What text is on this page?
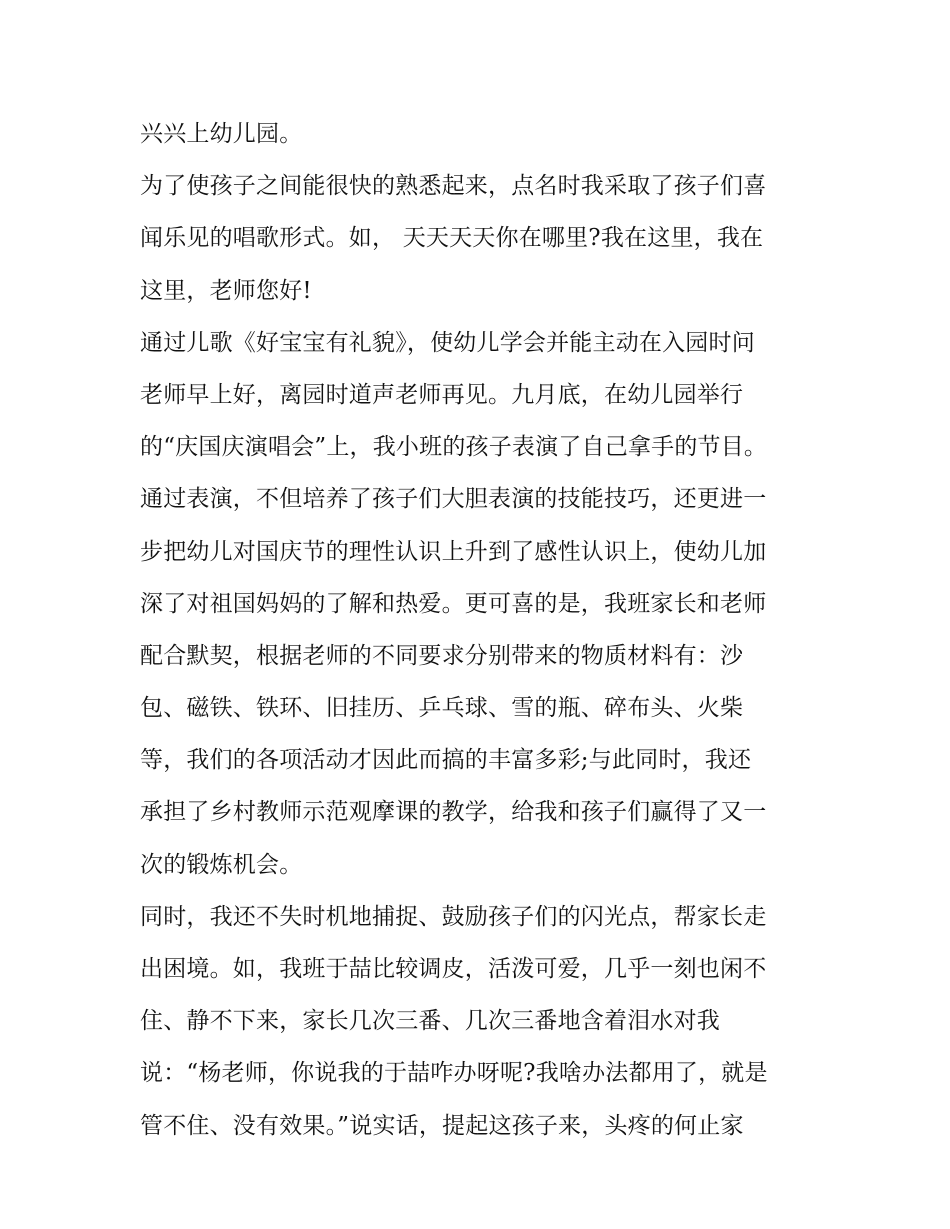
兴兴上幼儿园。
为了使孩子之间能很快的熟悉起来，点名时我采取了孩子们喜
闻乐见的唱歌形式。如， 天天天天你在哪里?我在这里，我在
这里，老师您好!
通过儿歌《好宝宝有礼貌》，使幼儿学会并能主动在入园时问
老师早上好，离园时道声老师再见。九月底，在幼儿园举行
的“庆国庆演唱会”上，我小班的孩子表演了自己拿手的节目。
通过表演，不但培养了孩子们大胆表演的技能技巧，还更进一
步把幼儿对国庆节的理性认识上升到了感性认识上，使幼儿加
深了对祖国妈妈的了解和热爱。更可喜的是，我班家长和老师
配合默契，根据老师的不同要求分别带来的物质材料有：沙
包、磁铁、铁环、旧挂历、乒乓球、雪的瓶、碎布头、火柴
等，我们的各项活动才因此而搞的丰富多彩;与此同时，我还
承担了乡村教师示范观摩课的教学，给我和孩子们赢得了又一
次的锻炼机会。
同时，我还不失时机地捕捉、鼓励孩子们的闪光点，帮家长走
出困境。如，我班于喆比较调皮，活泼可爱，几乎一刻也闲不
住、静不下来，家长几次三番、几次三番地含着泪水对我
说：“杨老师，你说我的于喆咋办呀呢?我啥办法都用了，就是
管不住、没有效果。”说实话，提起这孩子来，头疼的何止家
